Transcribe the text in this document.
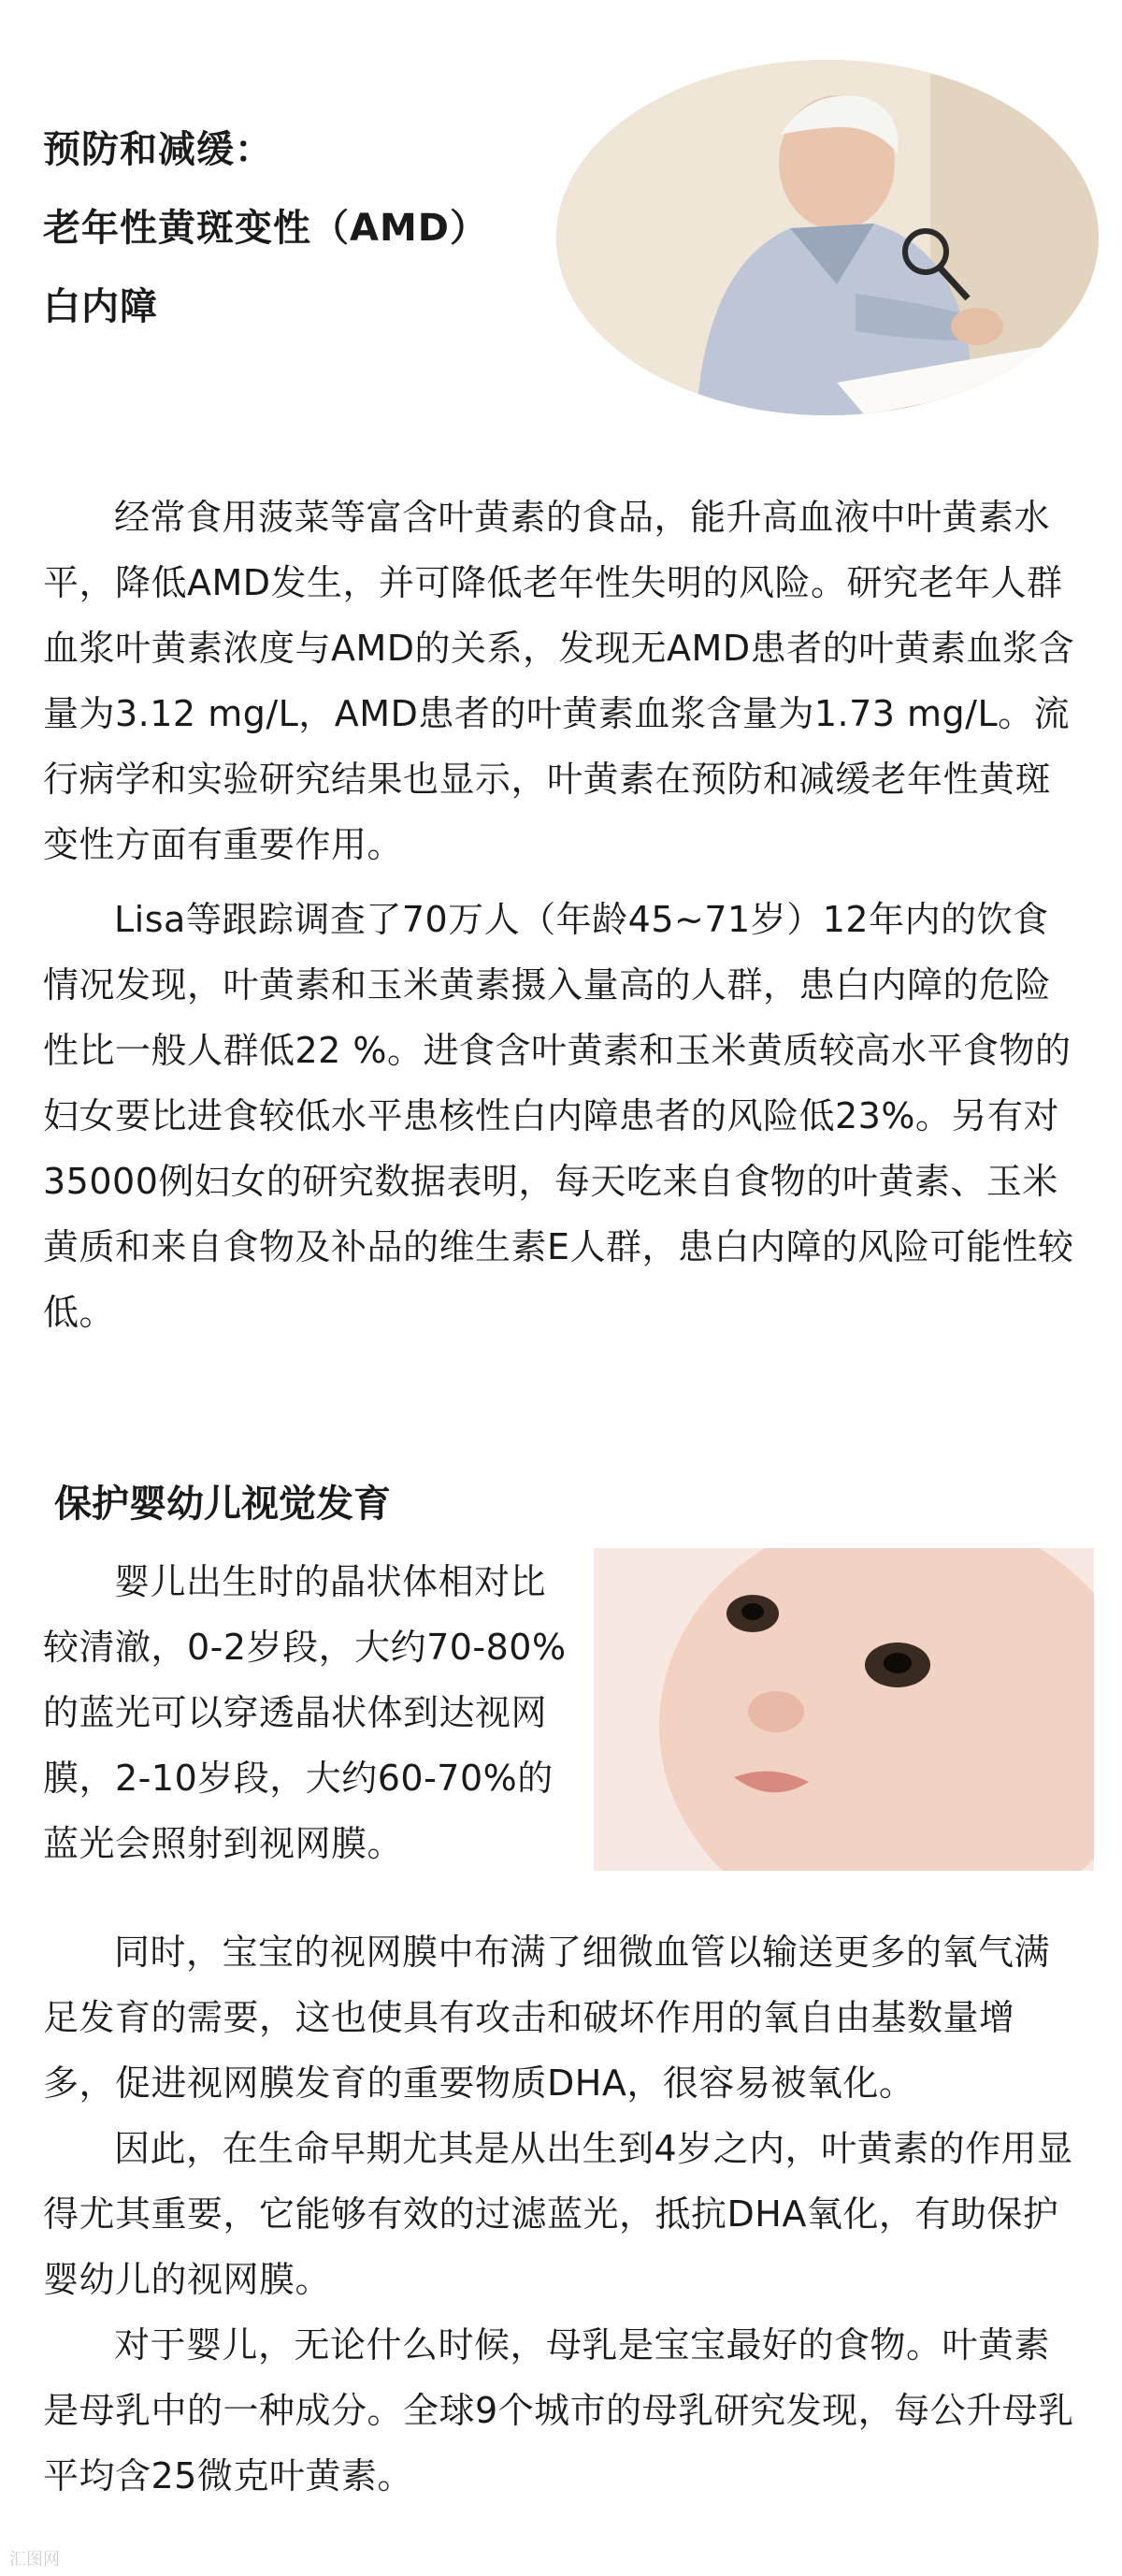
预防和减缓：

老年性黄斑变性（AMD）

白内障

经常食用菠菜等富含叶黄素的食品，能升高血液中叶黄素水平，降低AMD发生，并可降低老年性失明的风险。研究老年人群血浆叶黄素浓度与AMD的关系，发现无AMD患者的叶黄素血浆含量为3.12 mg/L，AMD患者的叶黄素血浆含量为1.73 mg/L。流行病学和实验研究结果也显示，叶黄素在预防和减缓老年性黄斑变性方面有重要作用。

Lisa等跟踪调查了70万人（年龄45~71岁）12年内的饮食情况发现，叶黄素和玉米黄素摄入量高的人群，患白内障的危险性比一般人群低22 %。进食含叶黄素和玉米黄质较高水平食物的妇女要比进食较低水平患核性白内障患者的风险低23%。另有对35000例妇女的研究数据表明，每天吃来自食物的叶黄素、玉米黄质和来自食物及补品的维生素E人群，患白内障的风险可能性较低。

保护婴幼儿视觉发育

婴儿出生时的晶状体相对比较清澈，0-2岁段，大约70-80%的蓝光可以穿透晶状体到达视网膜，2-10岁段，大约60-70%的蓝光会照射到视网膜。

同时，宝宝的视网膜中布满了细微血管以输送更多的氧气满足发育的需要，这也使具有攻击和破坏作用的氧自由基数量增多，促进视网膜发育的重要物质DHA，很容易被氧化。

因此，在生命早期尤其是从出生到4岁之内，叶黄素的作用显得尤其重要，它能够有效的过滤蓝光，抵抗DHA氧化，有助保护婴幼儿的视网膜。

对于婴儿，无论什么时候，母乳是宝宝最好的食物。叶黄素是母乳中的一种成分。全球9个城市的母乳研究发现，每公升母乳平均含25微克叶黄素。

汇图网
